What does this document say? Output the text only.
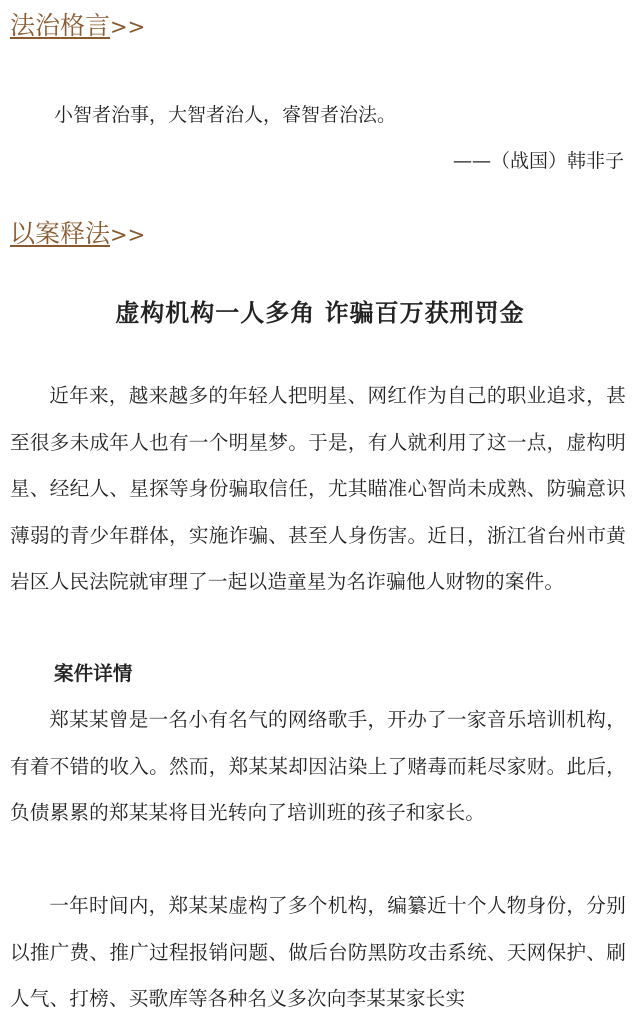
法治格言>>
小智者治事，大智者治人，睿智者治法。
——（战国）韩非子
以案释法>>
虚构机构一人多角 诈骗百万获刑罚金

近年来，越来越多的年轻人把明星、网红作为自己的职业追求，甚至很多未成年人也有一个明星梦。于是，有人就利用了这一点，虚构明星、经纪人、星探等身份骗取信任，尤其瞄准心智尚未成熟、防骗意识薄弱的青少年群体，实施诈骗、甚至人身伤害。近日，浙江省台州市黄岩区人民法院就审理了一起以造童星为名诈骗他人财物的案件。

案件详情

郑某某曾是一名小有名气的网络歌手，开办了一家音乐培训机构，有着不错的收入。然而，郑某某却因沾染上了赌毒而耗尽家财。此后，负债累累的郑某某将目光转向了培训班的孩子和家长。

一年时间内，郑某某虚构了多个机构，编纂近十个人物身份，分别以推广费、推广过程报销问题、做后台防黑防攻击系统、天网保护、刷人气、打榜、买歌库等各种名义多次向李某某家长实
